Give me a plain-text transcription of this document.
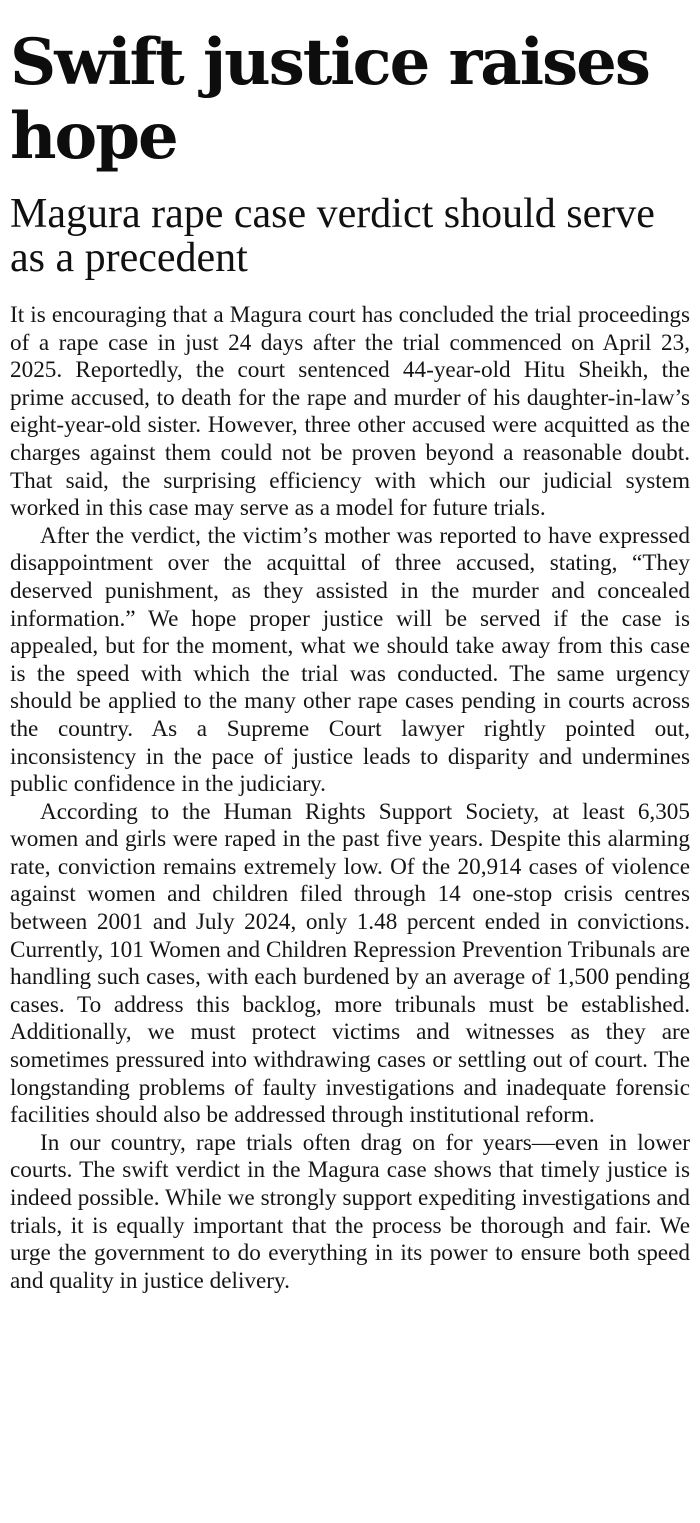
Swift justice raises hope
Magura rape case verdict should serve as a precedent

It is encouraging that a Magura court has concluded the trial proceedings of a rape case in just 24 days after the trial commenced on April 23, 2025. Reportedly, the court sentenced 44-year-old Hitu Sheikh, the prime accused, to death for the rape and murder of his daughter-in-law’s eight-year-old sister. However, three other accused were acquitted as the charges against them could not be proven beyond a reasonable doubt. That said, the surprising efficiency with which our judicial system worked in this case may serve as a model for future trials.

After the verdict, the victim’s mother was reported to have expressed disappointment over the acquittal of three accused, stating, “They deserved punishment, as they assisted in the murder and concealed information.” We hope proper justice will be served if the case is appealed, but for the moment, what we should take away from this case is the speed with which the trial was conducted. The same urgency should be applied to the many other rape cases pending in courts across the country. As a Supreme Court lawyer rightly pointed out, inconsistency in the pace of justice leads to disparity and undermines public confidence in the judiciary.

According to the Human Rights Support Society, at least 6,305 women and girls were raped in the past five years. Despite this alarming rate, conviction remains extremely low. Of the 20,914 cases of violence against women and children filed through 14 one-stop crisis centres between 2001 and July 2024, only 1.48 percent ended in convictions. Currently, 101 Women and Children Repression Prevention Tribunals are handling such cases, with each burdened by an average of 1,500 pending cases. To address this backlog, more tribunals must be established. Additionally, we must protect victims and witnesses as they are sometimes pressured into withdrawing cases or settling out of court. The longstanding problems of faulty investigations and inadequate forensic facilities should also be addressed through institutional reform.

In our country, rape trials often drag on for years—even in lower courts. The swift verdict in the Magura case shows that timely justice is indeed possible. While we strongly support expediting investigations and trials, it is equally important that the process be thorough and fair. We urge the government to do everything in its power to ensure both speed and quality in justice delivery.
